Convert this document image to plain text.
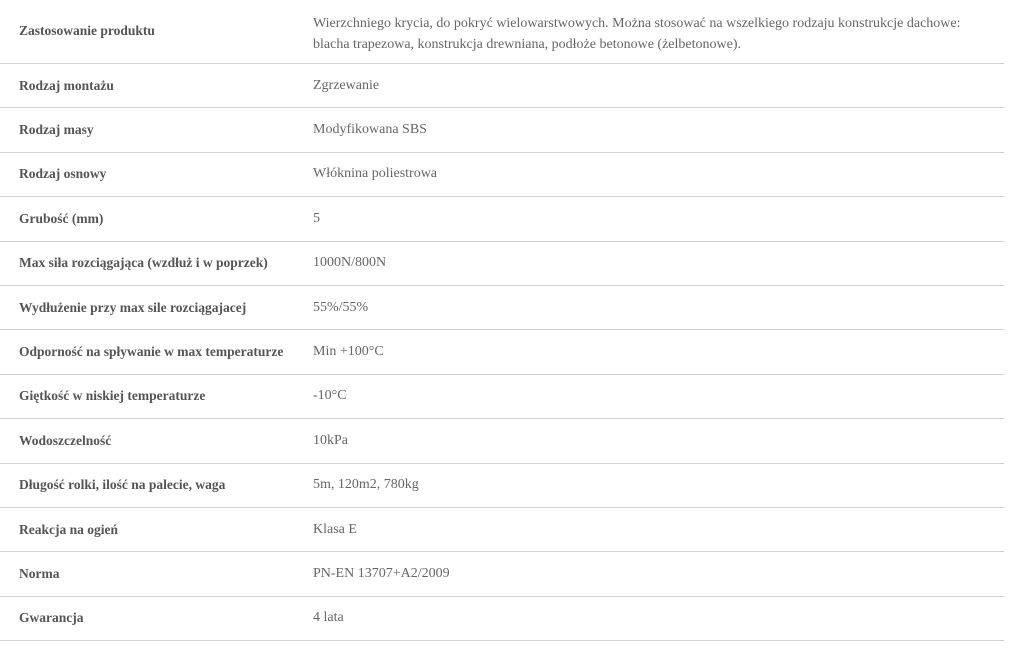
Zastosowanie produktu	Wierzchniego krycia, do pokryć wielowarstwowych. Można stosować na wszelkiego rodzaju konstrukcje dachowe: blacha trapezowa, konstrukcja drewniana, podłoże betonowe (żelbetonowe).
Rodzaj montażu	Zgrzewanie
Rodzaj masy	Modyfikowana SBS
Rodzaj osnowy	Włóknina poliestrowa
Grubość (mm)	5
Max siła rozciągająca (wzdłuż i w poprzek)	1000N/800N
Wydłużenie przy max sile rozciągajacej	55%/55%
Odporność na spływanie w max temperaturze	Min +100°C
Giętkość w niskiej temperaturze	-10°C
Wodoszczelność	10kPa
Długość rolki, ilość na palecie, waga	5m, 120m2, 780kg
Reakcja na ogień	Klasa E
Norma	PN-EN 13707+A2/2009
Gwarancja	4 lata
